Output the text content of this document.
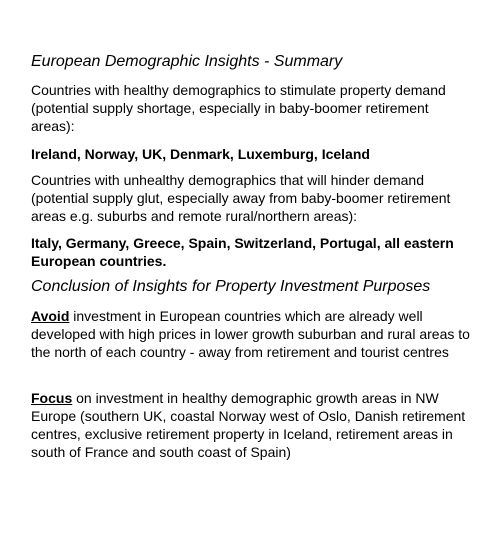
European Demographic Insights - Summary
Countries with healthy demographics to stimulate property demand (potential supply shortage, especially in baby-boomer retirement areas):
Ireland, Norway, UK, Denmark, Luxemburg, Iceland
Countries with unhealthy demographics that will hinder demand (potential supply glut, especially away from baby-boomer retirement areas e.g. suburbs and remote rural/northern areas):
Italy, Germany, Greece, Spain, Switzerland, Portugal, all eastern European countries.
Conclusion of Insights for Property Investment Purposes
Avoid investment in European countries which are already well developed with high prices in lower growth suburban and rural areas to the north of each country - away from retirement and tourist centres
Focus on investment in healthy demographic growth areas in NW Europe (southern UK, coastal Norway west of Oslo, Danish retirement centres, exclusive retirement property in Iceland, retirement areas in south of France and south coast of Spain)
